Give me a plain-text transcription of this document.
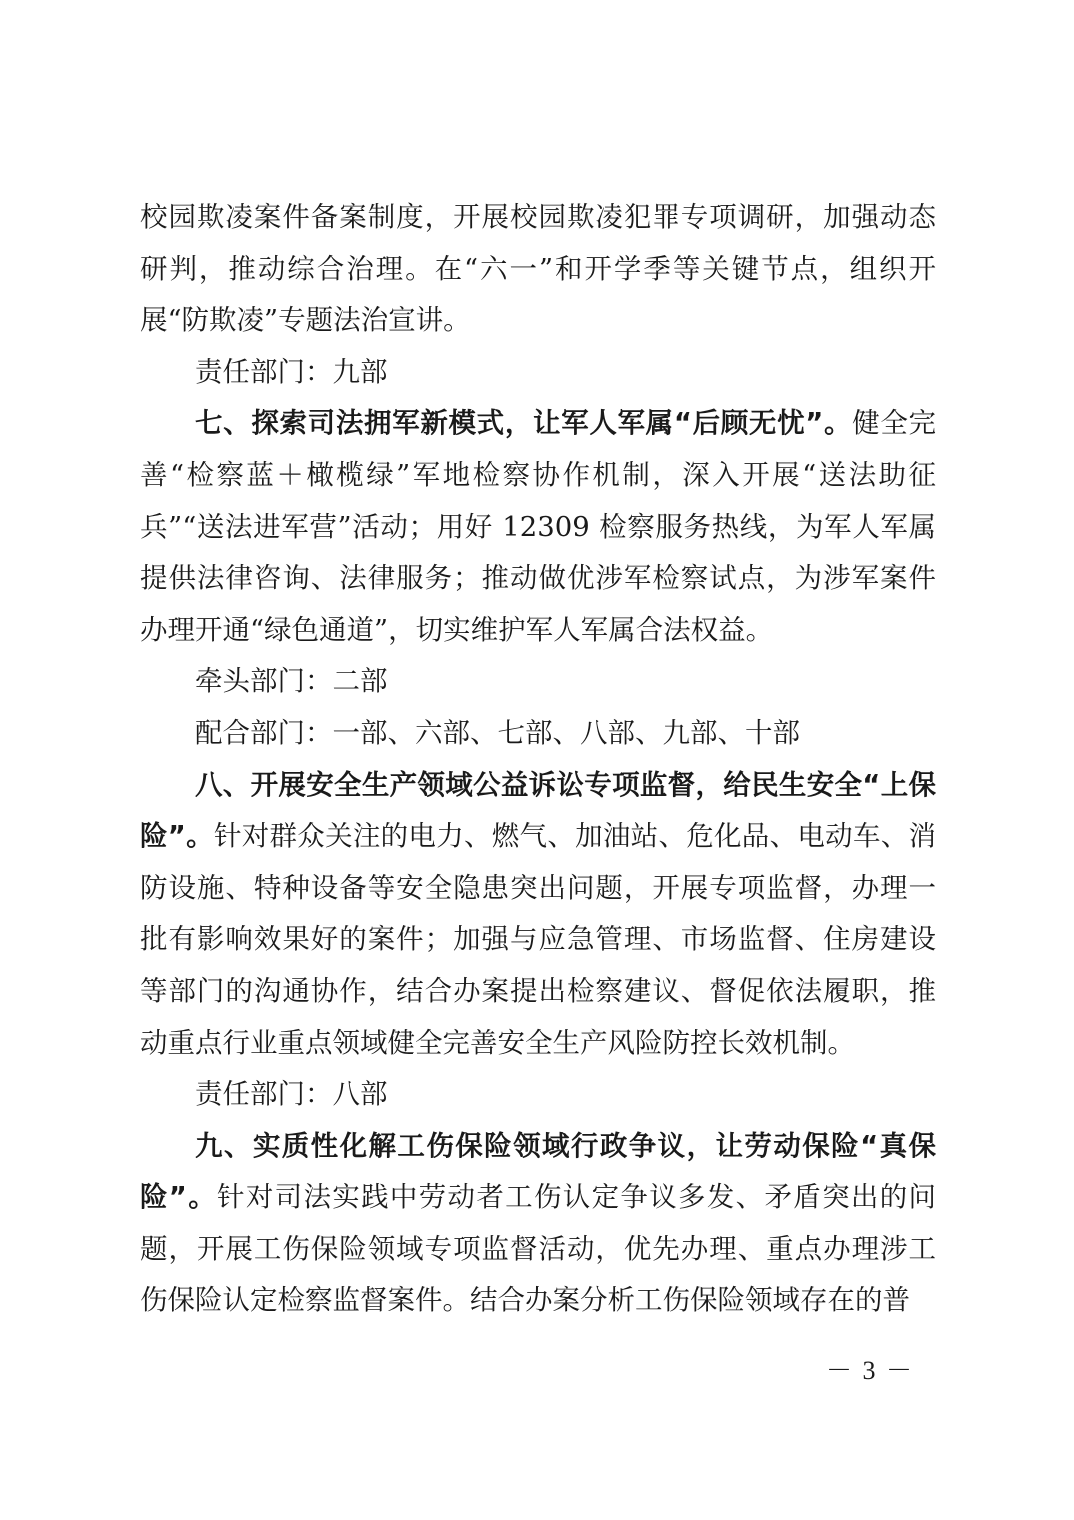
校园欺凌案件备案制度，开展校园欺凌犯罪专项调研，加强动态研判，推动综合治理。在“六一”和开学季等关键节点，组织开展“防欺凌”专题法治宣讲。

责任部门：九部

七、探索司法拥军新模式，让军人军属“后顾无忧”。健全完善“检察蓝＋橄榄绿”军地检察协作机制，深入开展“送法助征兵”“送法进军营”活动；用好 12309 检察服务热线，为军人军属提供法律咨询、法律服务；推动做优涉军检察试点，为涉军案件办理开通“绿色通道”，切实维护军人军属合法权益。

牵头部门：二部

配合部门：一部、六部、七部、八部、九部、十部

八、开展安全生产领域公益诉讼专项监督，给民生安全“上保险”。针对群众关注的电力、燃气、加油站、危化品、电动车、消防设施、特种设备等安全隐患突出问题，开展专项监督，办理一批有影响效果好的案件；加强与应急管理、市场监督、住房建设等部门的沟通协作，结合办案提出检察建议、督促依法履职，推动重点行业重点领域健全完善安全生产风险防控长效机制。

责任部门：八部

九、实质性化解工伤保险领域行政争议，让劳动保险“真保险”。针对司法实践中劳动者工伤认定争议多发、矛盾突出的问题，开展工伤保险领域专项监督活动，优先办理、重点办理涉工伤保险认定检察监督案件。结合办案分析工伤保险领域存在的普

－ 3 －
